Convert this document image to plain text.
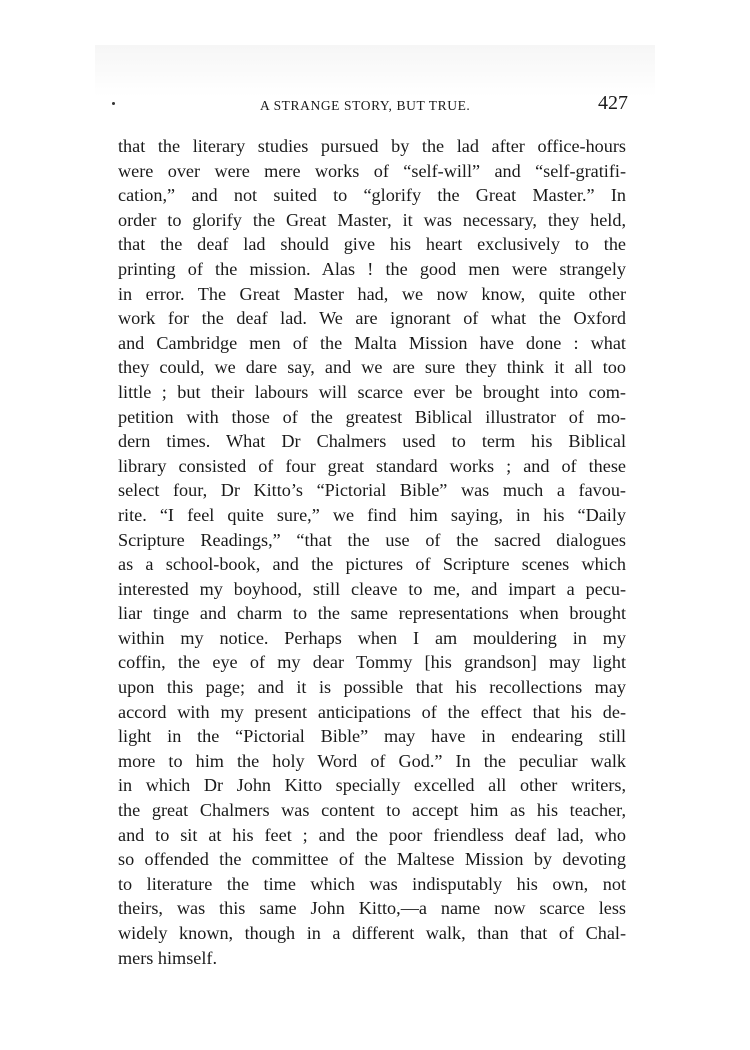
A STRANGE STORY, BUT TRUE.	427
that the literary studies pursued by the lad after office-hours
were over were mere works of “self-will” and “self-gratifi-
cation,” and not suited to “glorify the Great Master.” In
order to glorify the Great Master, it was necessary, they held,
that the deaf lad should give his heart exclusively to the
printing of the mission. Alas ! the good men were strangely
in error. The Great Master had, we now know, quite other
work for the deaf lad. We are ignorant of what the Oxford
and Cambridge men of the Malta Mission have done : what
they could, we dare say, and we are sure they think it all too
little ; but their labours will scarce ever be brought into com-
petition with those of the greatest Biblical illustrator of mo-
dern times. What Dr Chalmers used to term his Biblical
library consisted of four great standard works ; and of these
select four, Dr Kitto’s “Pictorial Bible” was much a favou-
rite. “I feel quite sure,” we find him saying, in his “Daily
Scripture Readings,” “that the use of the sacred dialogues
as a school-book, and the pictures of Scripture scenes which
interested my boyhood, still cleave to me, and impart a pecu-
liar tinge and charm to the same representations when brought
within my notice. Perhaps when I am mouldering in my
coffin, the eye of my dear Tommy [his grandson] may light
upon this page; and it is possible that his recollections may
accord with my present anticipations of the effect that his de-
light in the “Pictorial Bible” may have in endearing still
more to him the holy Word of God.” In the peculiar walk
in which Dr John Kitto specially excelled all other writers,
the great Chalmers was content to accept him as his teacher,
and to sit at his feet ; and the poor friendless deaf lad, who
so offended the committee of the Maltese Mission by devoting
to literature the time which was indisputably his own, not
theirs, was this same John Kitto,—a name now scarce less
widely known, though in a different walk, than that of Chal-
mers himself.
